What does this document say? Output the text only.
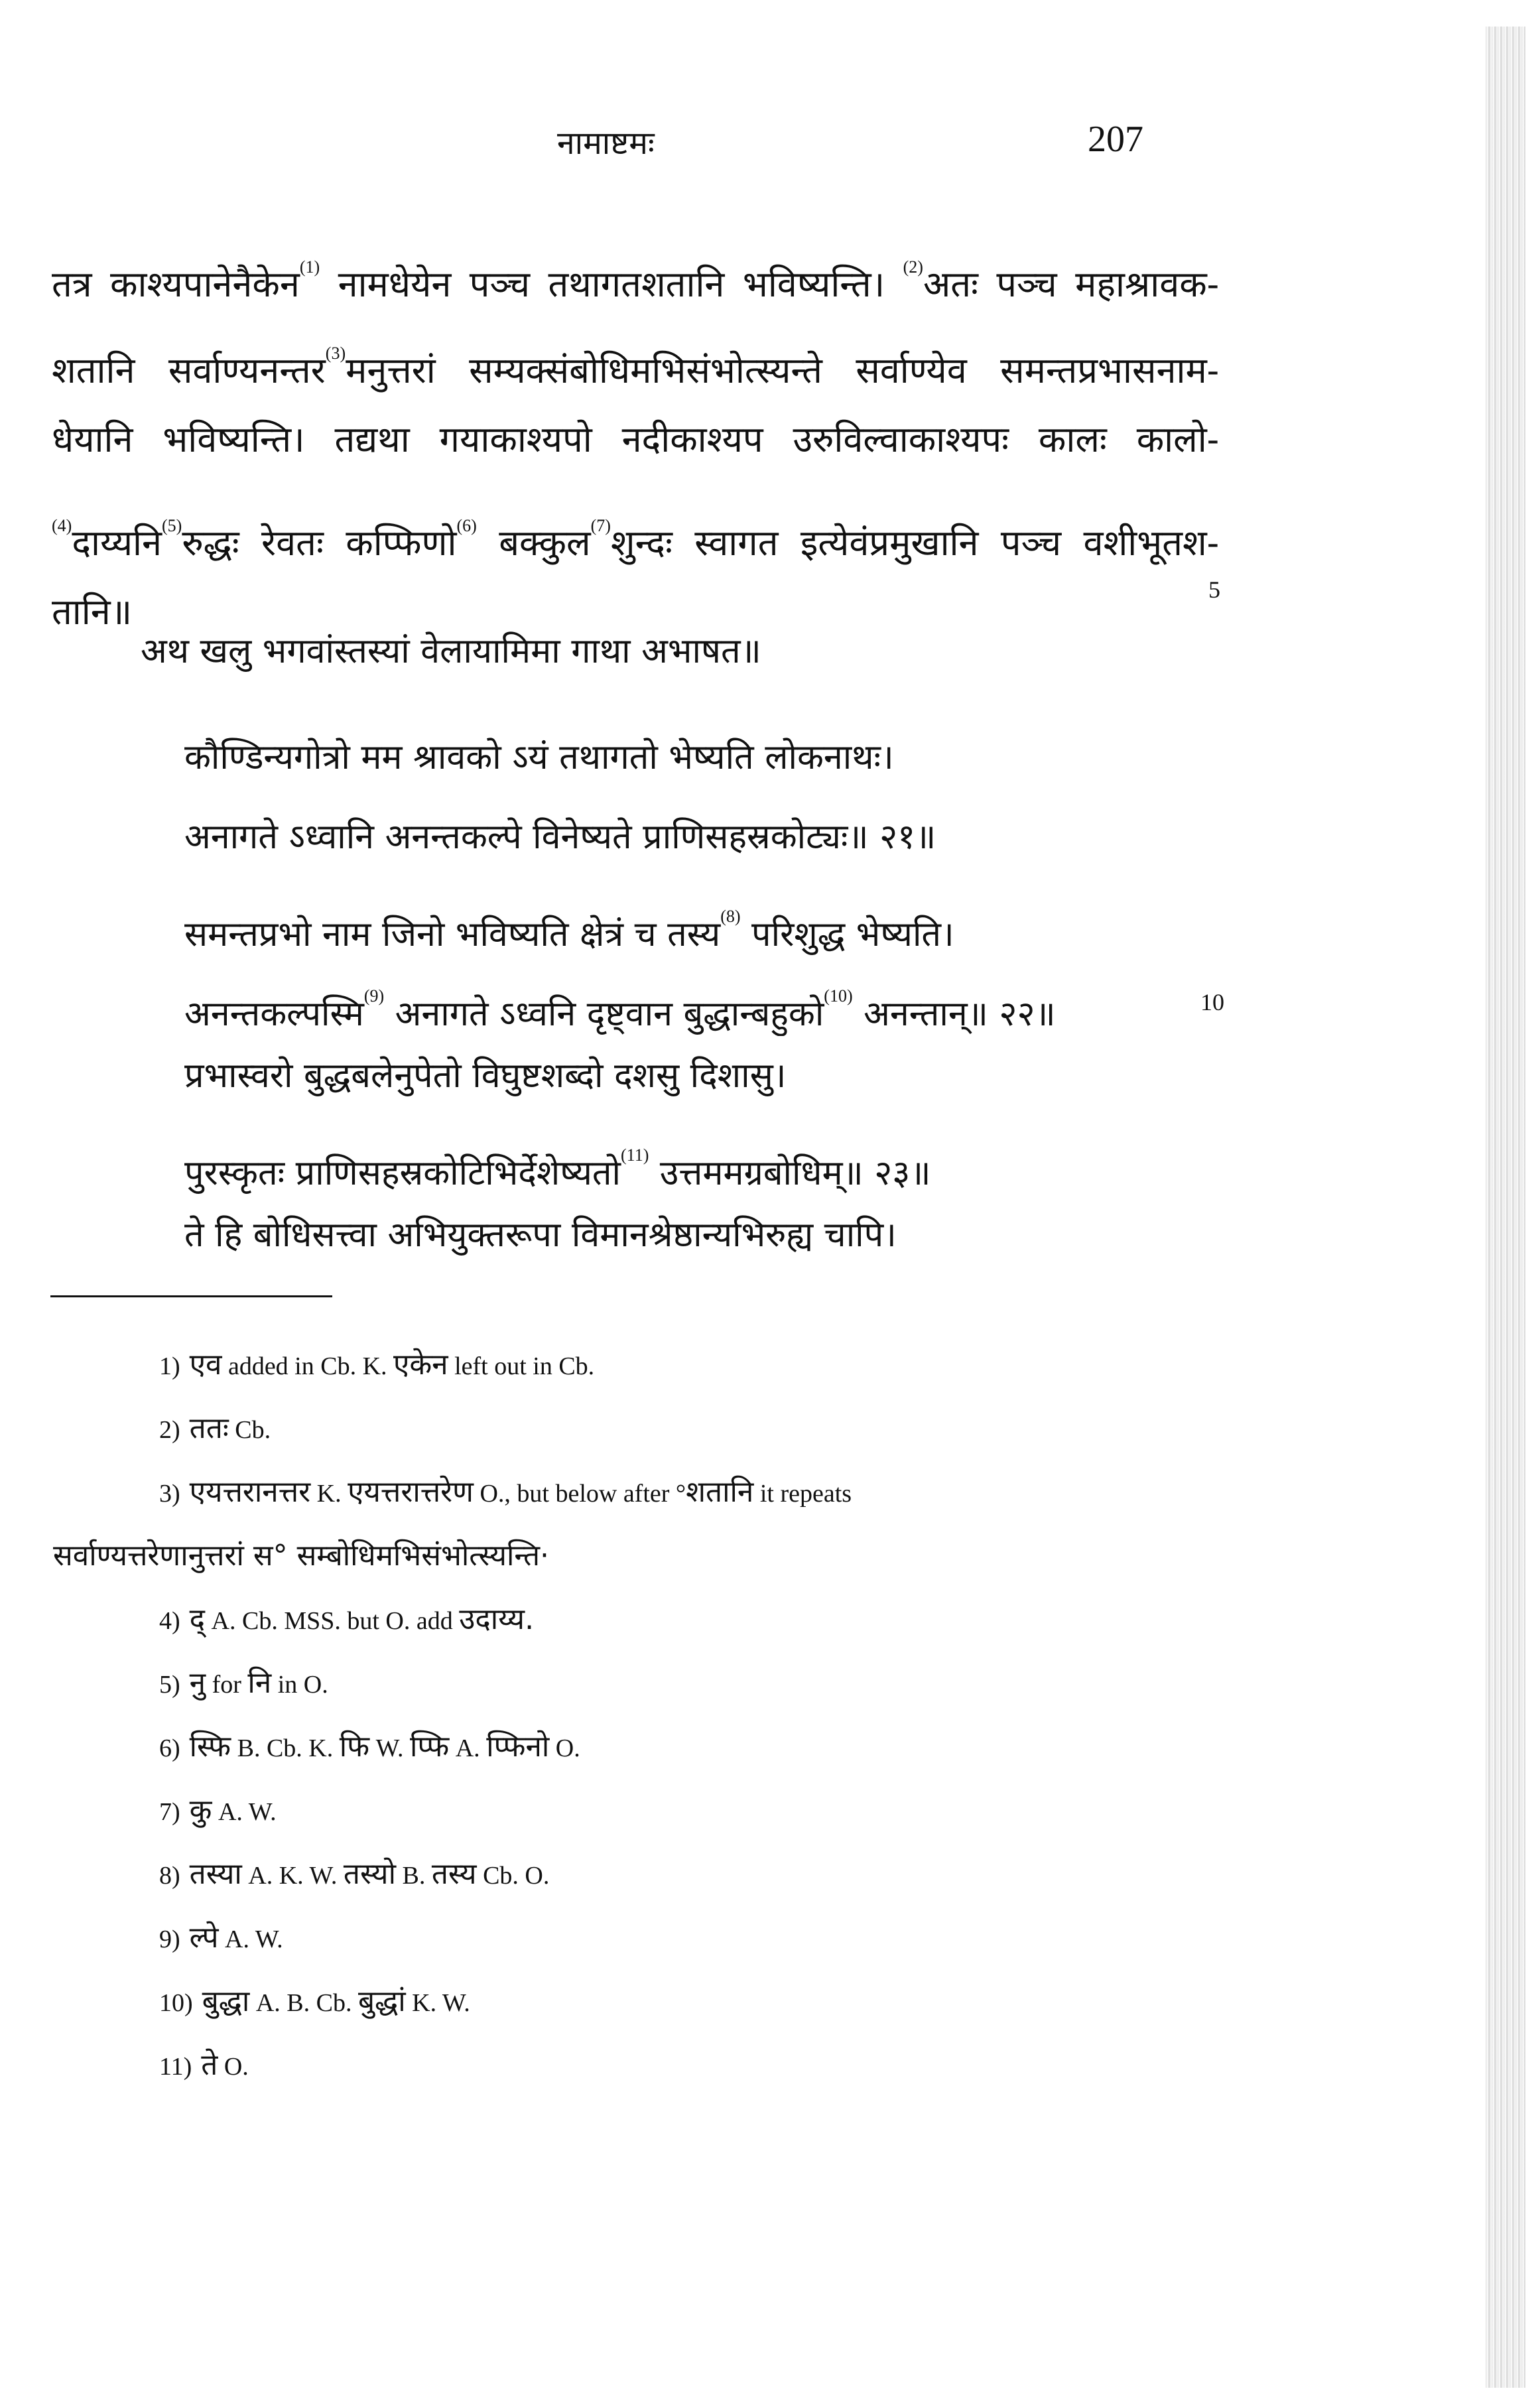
नामाष्टमः	207
तत्र काश्यपानेनैकेन$^{(1)}$ नामधेयेन पञ्च तथागतशतानि भविष्यन्ति। $^{(2)}$अतः पञ्च महाश्रावक-
शतानि सर्वाण्यनन्तर$^{(3)}$मनुत्तरां सम्यक्संबोधिमभिसंभोत्स्यन्ते सर्वाण्येव समन्तप्रभासनाम-
धेयानि भविष्यन्ति। तद्यथा गयाकाश्यपो नदीकाश्यप उरुविल्वाकाश्यपः कालः कालो-
$^{(4)}$दाय्यनि$^{(5)}$रुद्धः रेवतः कप्फिणो$^{(6)}$ बक्कुल$^{(7)}$शुन्दः स्वागत इत्येवंप्रमुखानि पञ्च वशीभूतश-
तानि॥
5
10
अथ खलु भगवांस्तस्यां वेलायामिमा गाथा अभाषत॥
कौण्डिन्यगोत्रो मम श्रावको ऽयं तथागतो भेष्यति लोकनाथः।
अनागते ऽध्वानि अनन्तकल्पे विनेष्यते प्राणिसहस्रकोट्यः॥ २१॥
समन्तप्रभो नाम जिनो भविष्यति क्षेत्रं च तस्य$^{(8)}$ परिशुद्ध भेष्यति।
अनन्तकल्पस्मि$^{(9)}$ अनागते ऽध्वनि दृष्ट्वान बुद्धान्बहुको$^{(10)}$ अनन्तान्॥ २२॥
प्रभास्वरो बुद्धबलेनुपेतो विघुष्टशब्दो दशसु दिशासु।
पुरस्कृतः प्राणिसहस्रकोटिभिर्देशेष्यतो$^{(11)}$ उत्तममग्रबोधिम्॥ २३॥
ते हि बोधिसत्त्वा अभियुक्तरूपा विमानश्रेष्ठान्यभिरुह्य चापि।
1) एव added in Cb. K. एकेन left out in Cb.
2) ततः Cb.
3) एयत्तरानत्तर K. एयत्तरात्तरेण O., but below after °शतानि it repeats
सर्वाण्यत्तरेणानुत्तरां स° सम्बोधिमभिसंभोत्स्यन्ति·
4) द् A. Cb. MSS. but O. add उदाय्य.
5) नु for नि in O.
6) स्फि B. Cb. K. फि W. प्फि A. प्फिनो O.
7) कु A. W.
8) तस्या A. K. W. तस्यो B. तस्य Cb. O.
9) ल्पे A. W.
10) बुद्धा A. B. Cb. बुद्धां K. W.
11) ते O.
